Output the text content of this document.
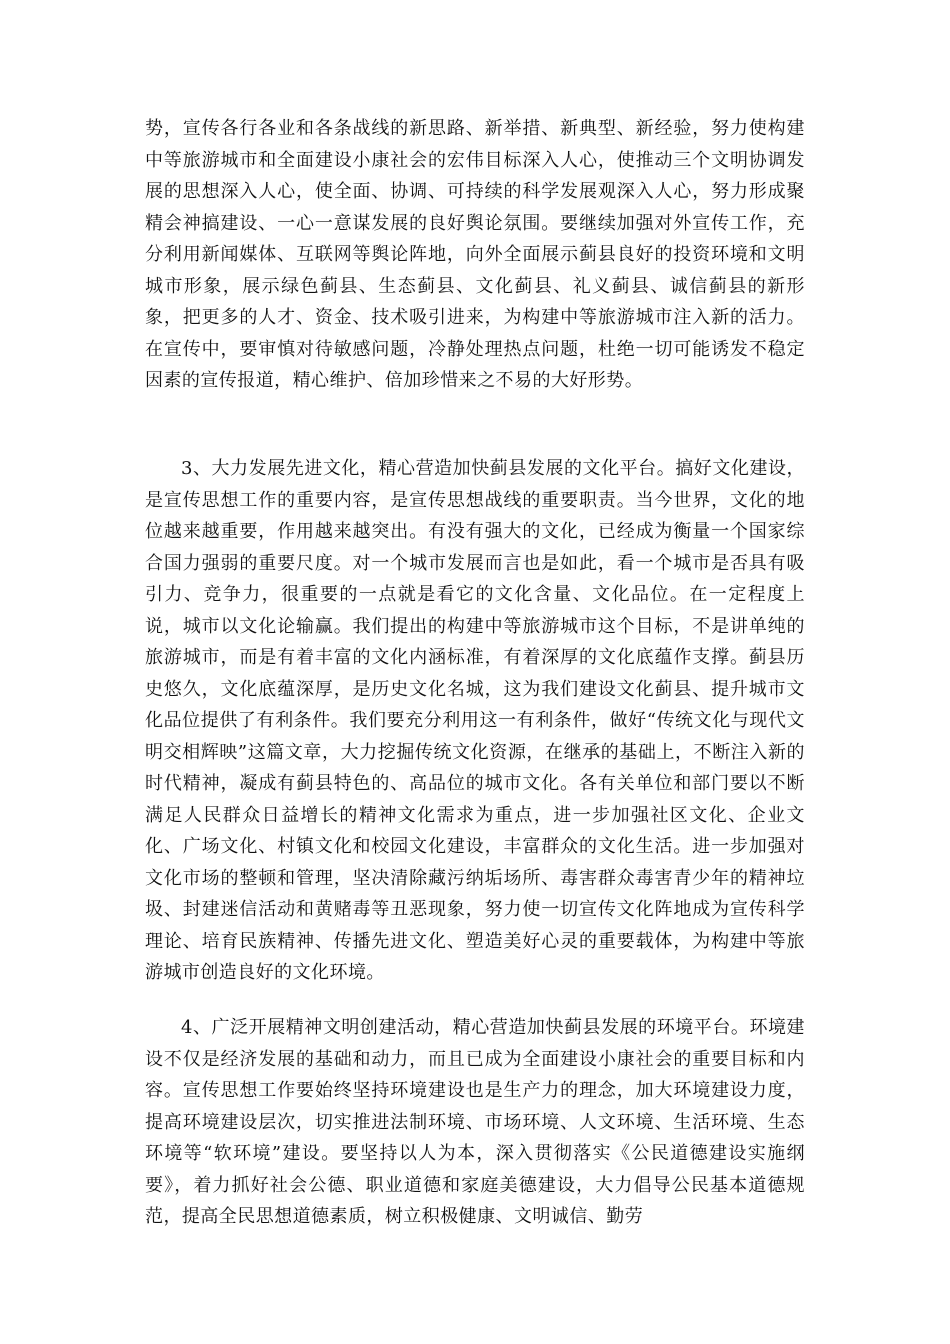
势，宣传各行各业和各条战线的新思路、新举措、新典型、新经验，努力使构建中等旅游城市和全面建设小康社会的宏伟目标深入人心，使推动三个文明协调发展的思想深入人心，使全面、协调、可持续的科学发展观深入人心，努力形成聚精会神搞建设、一心一意谋发展的良好舆论氛围。要继续加强对外宣传工作，充分利用新闻媒体、互联网等舆论阵地，向外全面展示蓟县良好的投资环境和文明城市形象，展示绿色蓟县、生态蓟县、文化蓟县、礼义蓟县、诚信蓟县的新形象，把更多的人才、资金、技术吸引进来，为构建中等旅游城市注入新的活力。在宣传中，要审慎对待敏感问题，冷静处理热点问题，杜绝一切可能诱发不稳定因素的宣传报道，精心维护、倍加珍惜来之不易的大好形势。

3、大力发展先进文化，精心营造加快蓟县发展的文化平台。搞好文化建设，是宣传思想工作的重要内容，是宣传思想战线的重要职责。当今世界，文化的地位越来越重要，作用越来越突出。有没有强大的文化，已经成为衡量一个国家综合国力强弱的重要尺度。对一个城市发展而言也是如此，看一个城市是否具有吸引力、竞争力，很重要的一点就是看它的文化含量、文化品位。在一定程度上说，城市以文化论输赢。我们提出的构建中等旅游城市这个目标，不是讲单纯的旅游城市，而是有着丰富的文化内涵标准，有着深厚的文化底蕴作支撑。蓟县历史悠久，文化底蕴深厚，是历史文化名城，这为我们建设文化蓟县、提升城市文化品位提供了有利条件。我们要充分利用这一有利条件，做好“传统文化与现代文明交相辉映”这篇文章，大力挖掘传统文化资源，在继承的基础上，不断注入新的时代精神，凝成有蓟县特色的、高品位的城市文化。各有关单位和部门要以不断满足人民群众日益增长的精神文化需求为重点，进一步加强社区文化、企业文化、广场文化、村镇文化和校园文化建设，丰富群众的文化生活。进一步加强对文化市场的整顿和管理，坚决清除藏污纳垢场所、毒害群众毒害青少年的精神垃圾、封建迷信活动和黄赌毒等丑恶现象，努力使一切宣传文化阵地成为宣传科学理论、培育民族精神、传播先进文化、塑造美好心灵的重要载体，为构建中等旅游城市创造良好的文化环境。

4、广泛开展精神文明创建活动，精心营造加快蓟县发展的环境平台。环境建设不仅是经济发展的基础和动力，而且已成为全面建设小康社会的重要目标和内容。宣传思想工作要始终坚持环境建设也是生产力的理念，加大环境建设力度，提高环境建设层次，切实推进法制环境、市场环境、人文环境、生活环境、生态环境等“软环境”建设。要坚持以人为本，深入贯彻落实《公民道德建设实施纲要》，着力抓好社会公德、职业道德和家庭美德建设，大力倡导公民基本道德规范，提高全民思想道德素质，树立积极健康、文明诚信、勤劳
